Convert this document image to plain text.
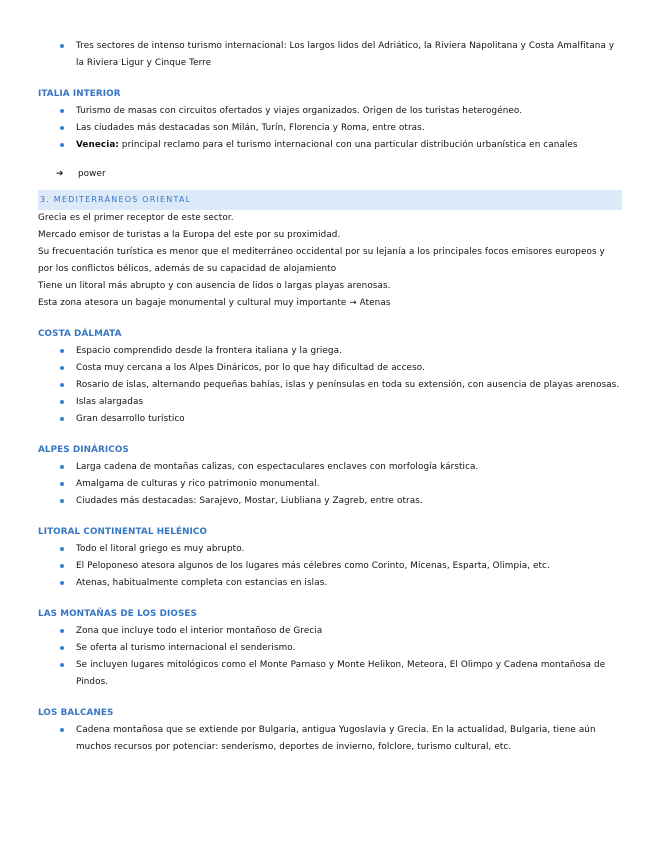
Tres sectores de intenso turismo internacional: Los largos lidos del Adriático, la Riviera Napolitana y Costa Amalfitana y la Riviera Ligur y Cinque Terre
ITALIA INTERIOR
Turismo de masas con circuitos ofertados y viajes organizados. Origen de los turistas heterogéneo.
Las ciudades más destacadas son Milán, Turín, Florencia y Roma, entre otras.
Venecia: principal reclamo para el turismo internacional con una particular distribución urbanística en canales
➔ power
3. MEDITERRÁNEOS ORIENTAL

Grecia es el primer receptor de este sector.

Mercado emisor de turistas a la Europa del este por su proximidad.

Su frecuentación turística es menor que el mediterráneo occidental por su lejanía a los principales focos emisores europeos y por los conflictos bélicos, además de su capacidad de alojamiento

Tiene un litoral más abrupto y con ausencia de lidos o largas playas arenosas.

Esta zona atesora un bagaje monumental y cultural muy importante → Atenas

COSTA DÁLMATA
Espacio comprendido desde la frontera italiana y la griega.
Costa muy cercana a los Alpes Dináricos, por lo que hay dificultad de acceso.
Rosario de islas, alternando pequeñas bahías, islas y penínsulas en toda su extensión, con ausencia de playas arenosas.
Islas alargadas
Gran desarrollo turístico
ALPES DINÁRICOS
Larga cadena de montañas calizas, con espectaculares enclaves con morfología kárstica.
Amalgama de culturas y rico patrimonio monumental.
Ciudades más destacadas: Sarajevo, Mostar, Liubliana y Zagreb, entre otras.
LITORAL CONTINENTAL HELÉNICO
Todo el litoral griego es muy abrupto.
El Peloponeso atesora algunos de los lugares más célebres como Corinto, Micenas, Esparta, Olimpia, etc.
Atenas, habitualmente completa con estancias en islas.
LAS MONTAÑAS DE LOS DIOSES
Zona que incluye todo el interior montañoso de Grecia
Se oferta al turismo internacional el senderismo.
Se incluyen lugares mitológicos como el Monte Parnaso y Monte Helikon, Meteora, El Olimpo y Cadena montañosa de Pindos.
LOS BALCANES
Cadena montañosa que se extiende por Bulgaria, antigua Yugoslavia y Grecia. En la actualidad, Bulgaria, tiene aún muchos recursos por potenciar: senderismo, deportes de invierno, folclore, turismo cultural, etc.
